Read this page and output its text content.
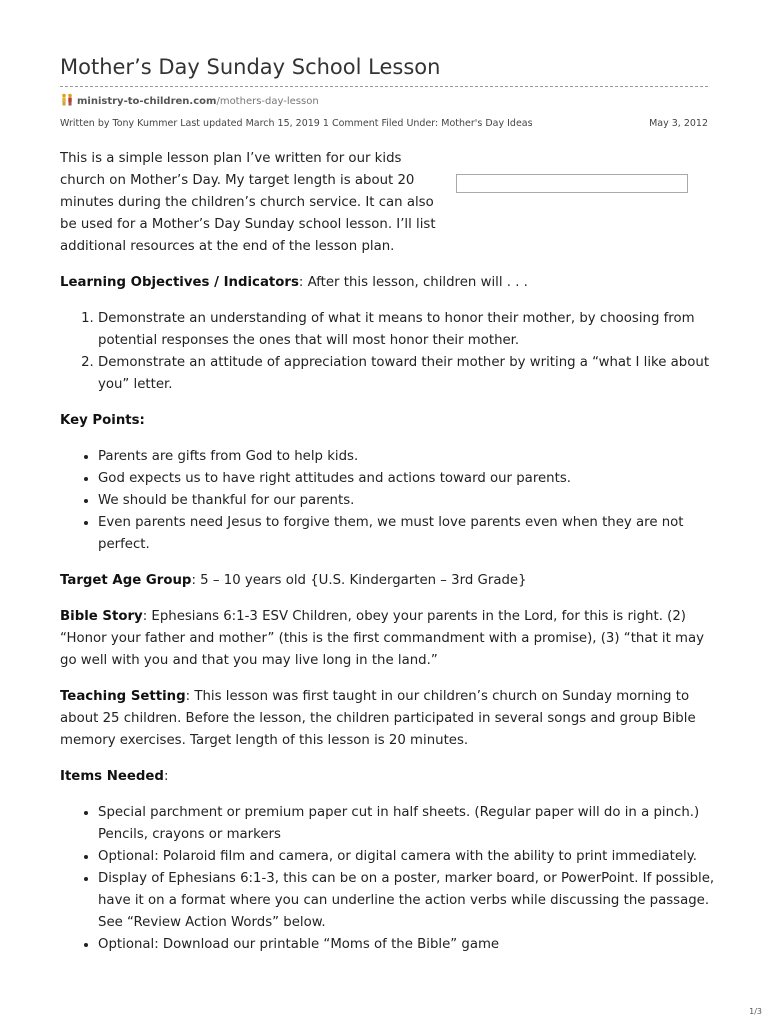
Mother’s Day Sunday School Lesson
ministry-to-children.com/mothers-day-lesson
Written by Tony Kummer Last updated March 15, 2019 1 Comment Filed Under: Mother's Day Ideas	May 3, 2012

This is a simple lesson plan I’ve written for our kids church on Mother’s Day. My target length is about 20 minutes during the children’s church service. It can also be used for a Mother’s Day Sunday school lesson. I’ll list additional resources at the end of the lesson plan.

Learning Objectives / Indicators: After this lesson, children will . . .

1. Demonstrate an understanding of what it means to honor their mother, by choosing from potential responses the ones that will most honor their mother.
2. Demonstrate an attitude of appreciation toward their mother by writing a “what I like about you” letter.

Key Points:

• Parents are gifts from God to help kids.
• God expects us to have right attitudes and actions toward our parents.
• We should be thankful for our parents.
• Even parents need Jesus to forgive them, we must love parents even when they are not perfect.

Target Age Group: 5 – 10 years old {U.S. Kindergarten – 3rd Grade}

Bible Story: Ephesians 6:1-3 ESV Children, obey your parents in the Lord, for this is right. (2) “Honor your father and mother” (this is the first commandment with a promise), (3) “that it may go well with you and that you may live long in the land.”

Teaching Setting: This lesson was first taught in our children’s church on Sunday morning to about 25 children. Before the lesson, the children participated in several songs and group Bible memory exercises. Target length of this lesson is 20 minutes.

Items Needed:

• Special parchment or premium paper cut in half sheets. (Regular paper will do in a pinch.) Pencils, crayons or markers
• Optional: Polaroid film and camera, or digital camera with the ability to print immediately.
• Display of Ephesians 6:1-3, this can be on a poster, marker board, or PowerPoint. If possible, have it on a format where you can underline the action verbs while discussing the passage. See “Review Action Words” below.
• Optional: Download our printable “Moms of the Bible” game
1/3
